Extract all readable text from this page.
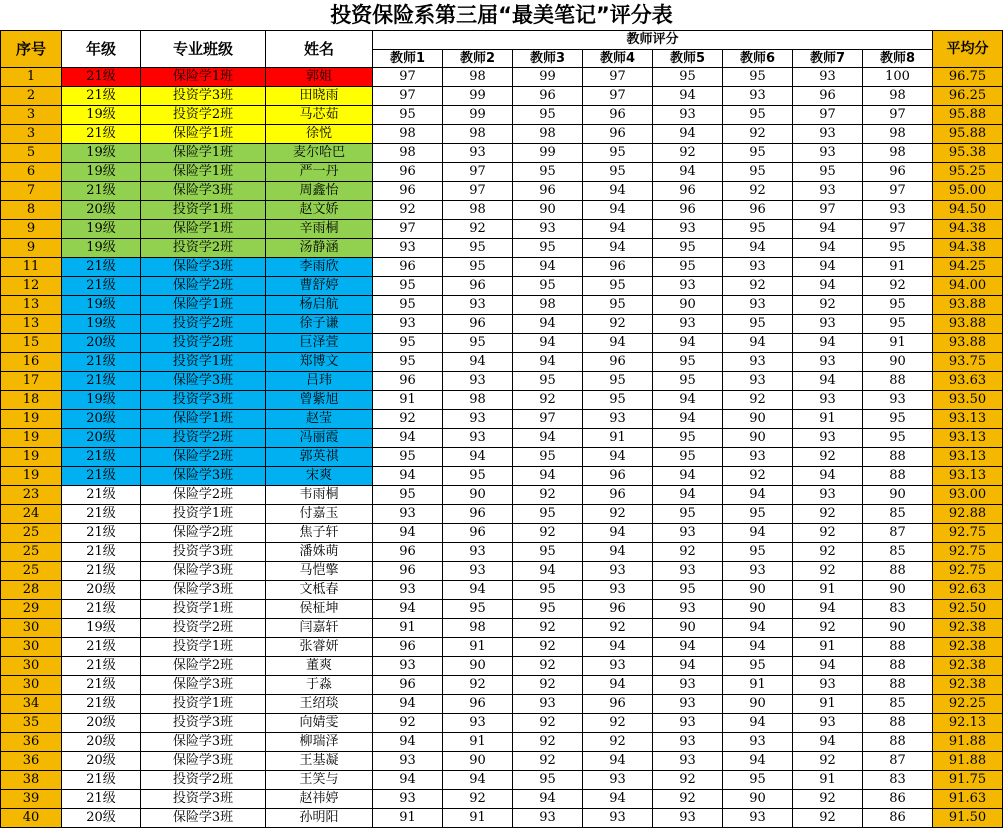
投资保险系第三届“最美笔记”评分表
序号	年级	专业班级	姓名	教师评分								平均分
				教师1	教师2	教师3	教师4	教师5	教师6	教师7	教师8	
1	21级	保险学1班	郭姐	97	98	99	97	95	95	93	100	96.75
2	21级	投资学3班	田晓雨	97	99	96	97	94	93	96	98	96.25
3	19级	投资学2班	马芯茹	95	99	95	96	93	95	97	97	95.88
3	21级	保险学1班	徐悦	98	98	98	96	94	92	93	98	95.88
5	19级	保险学1班	麦尔哈巴	98	93	99	95	92	95	93	98	95.38
6	19级	保险学1班	严一丹	96	97	95	95	94	95	95	96	95.25
7	21级	保险学3班	周鑫怡	96	97	96	94	96	92	93	97	95.00
8	20级	投资学1班	赵文娇	92	98	90	94	96	96	97	93	94.50
9	19级	保险学1班	辛雨桐	97	92	93	94	93	95	94	97	94.38
9	19级	投资学2班	汤静涵	93	95	95	94	95	94	94	95	94.38
11	21级	保险学3班	李雨欣	96	95	94	96	95	93	94	91	94.25
12	21级	保险学2班	曹舒婷	95	96	95	95	93	92	94	92	94.00
13	19级	保险学1班	杨启航	95	93	98	95	90	93	92	95	93.88
13	19级	投资学2班	徐子谦	93	96	94	92	93	95	93	95	93.88
15	20级	投资学2班	巨泽萱	95	95	94	94	94	94	94	91	93.88
16	21级	投资学1班	郑博文	95	94	94	96	95	93	93	90	93.75
17	21级	保险学3班	吕玮	96	93	95	95	95	93	94	88	93.63
18	19级	投资学3班	曾紫旭	91	98	92	95	94	92	93	93	93.50
19	20级	保险学1班	赵莹	92	93	97	93	94	90	91	95	93.13
19	20级	投资学2班	冯丽霞	94	93	94	91	95	90	93	95	93.13
19	21级	保险学2班	郭英祺	95	94	95	94	95	93	92	88	93.13
19	21级	保险学3班	宋爽	94	95	94	96	94	92	94	88	93.13
23	21级	保险学2班	韦雨桐	95	90	92	96	94	94	93	90	93.00
24	21级	投资学1班	付嘉玉	93	96	95	92	95	95	92	85	92.88
25	21级	保险学2班	焦子轩	94	96	92	94	93	94	92	87	92.75
25	21级	投资学3班	潘姝萌	96	93	95	94	92	95	92	85	92.75
25	21级	保险学3班	马恺擎	96	93	94	93	93	93	92	88	92.75
28	20级	保险学3班	文柢春	93	94	95	93	95	90	91	90	92.63
29	21级	投资学1班	侯柾坤	94	95	95	96	93	90	94	83	92.50
30	19级	投资学2班	闫嘉轩	91	98	92	92	90	94	92	90	92.38
30	21级	投资学1班	张睿妍	96	91	92	94	94	94	91	88	92.38
30	21级	保险学2班	董爽	93	90	92	93	94	95	94	88	92.38
30	21级	保险学3班	于淼	96	92	92	94	93	91	93	88	92.38
34	21级	投资学1班	王绍琰	94	96	93	96	93	90	91	85	92.25
35	20级	投资学3班	向婧雯	92	93	92	92	93	94	93	88	92.13
36	20级	保险学3班	柳瑞泽	94	91	92	92	93	93	94	88	91.88
36	20级	保险学3班	王基凝	93	90	92	94	93	94	92	87	91.88
38	21级	投资学2班	王笑与	94	94	95	93	92	95	91	83	91.75
39	21级	投资学3班	赵祎婷	93	92	94	94	92	90	92	86	91.63
40	20级	保险学3班	孙明阳	91	91	93	93	93	93	92	86	91.50
